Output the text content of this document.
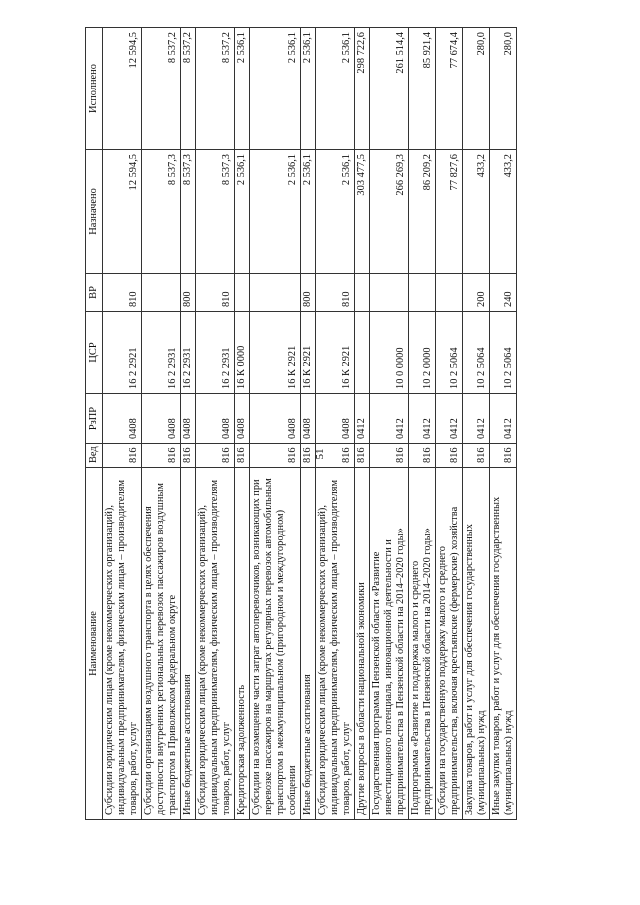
51
Наименование	Вед	РзПР	ЦСР	ВР	Назначено	Исполнено
Субсидии юридическим лицам (кроме некоммерческих организаций), индивидуальным предпринимателям, физическим лицам – производителям товаров, работ, услуг	816	0408	16 2 2921	810	12 594,5	12 594,5
Субсидии организациям воздушного транспорта в целях обеспечения доступности внутренних региональных перевозок пассажиров воздушным транспортом в Приволжском федеральном округе	816	0408	16 2 2931		8 537,3	8 537,2
Иные бюджетные ассигнования	816	0408	16 2 2931	800	8 537,3	8 537,2
Субсидии юридическим лицам (кроме некоммерческих организаций), индивидуальным предпринимателям, физическим лицам – производителям товаров, работ, услуг	816	0408	16 2 2931	810	8 537,3	8 537,2
Кредиторская задолженность	816	0408	16 К 0000		2 536,1	2 536,1
Субсидии на возмещение части затрат автоперевозчиков, возникающих при перевозке пассажиров на маршрутах регулярных перевозок автомобильным транспортом в межмуниципальном (пригородном и междугородном) сообщении	816	0408	16 К 2921		2 536,1	2 536,1
Иные бюджетные ассигнования	816	0408	16 К 2921	800	2 536,1	2 536,1
Субсидии юридическим лицам (кроме некоммерческих организаций), индивидуальным предпринимателям, физическим лицам – производителям товаров, работ, услуг	816	0408	16 К 2921	810	2 536,1	2 536,1
Другие вопросы в области национальной экономики	816	0412			303 477,5	298 722,6
Государственная программа Пензенской области «Развитие инвестиционного потенциала, инновационной деятельности и предпринимательства в Пензенской области на 2014–2020 годы»	816	0412	10 0 0000		266 269,3	261 514,4
Подпрограмма «Развитие и поддержка малого и среднего предпринимательства в Пензенской области на 2014–2020 годы»	816	0412	10 2 0000		86 209,2	85 921,4
Субсидии на государственную поддержку малого и среднего предпринимательства, включая крестьянские (фермерские) хозяйства	816	0412	10 2 5064		77 827,6	77 674,4
Закупка товаров, работ и услуг для обеспечения государственных (муниципальных) нужд	816	0412	10 2 5064	200	433,2	280,0
Иные закупки товаров, работ и услуг для обеспечения государственных (муниципальных) нужд	816	0412	10 2 5064	240	433,2	280,0
